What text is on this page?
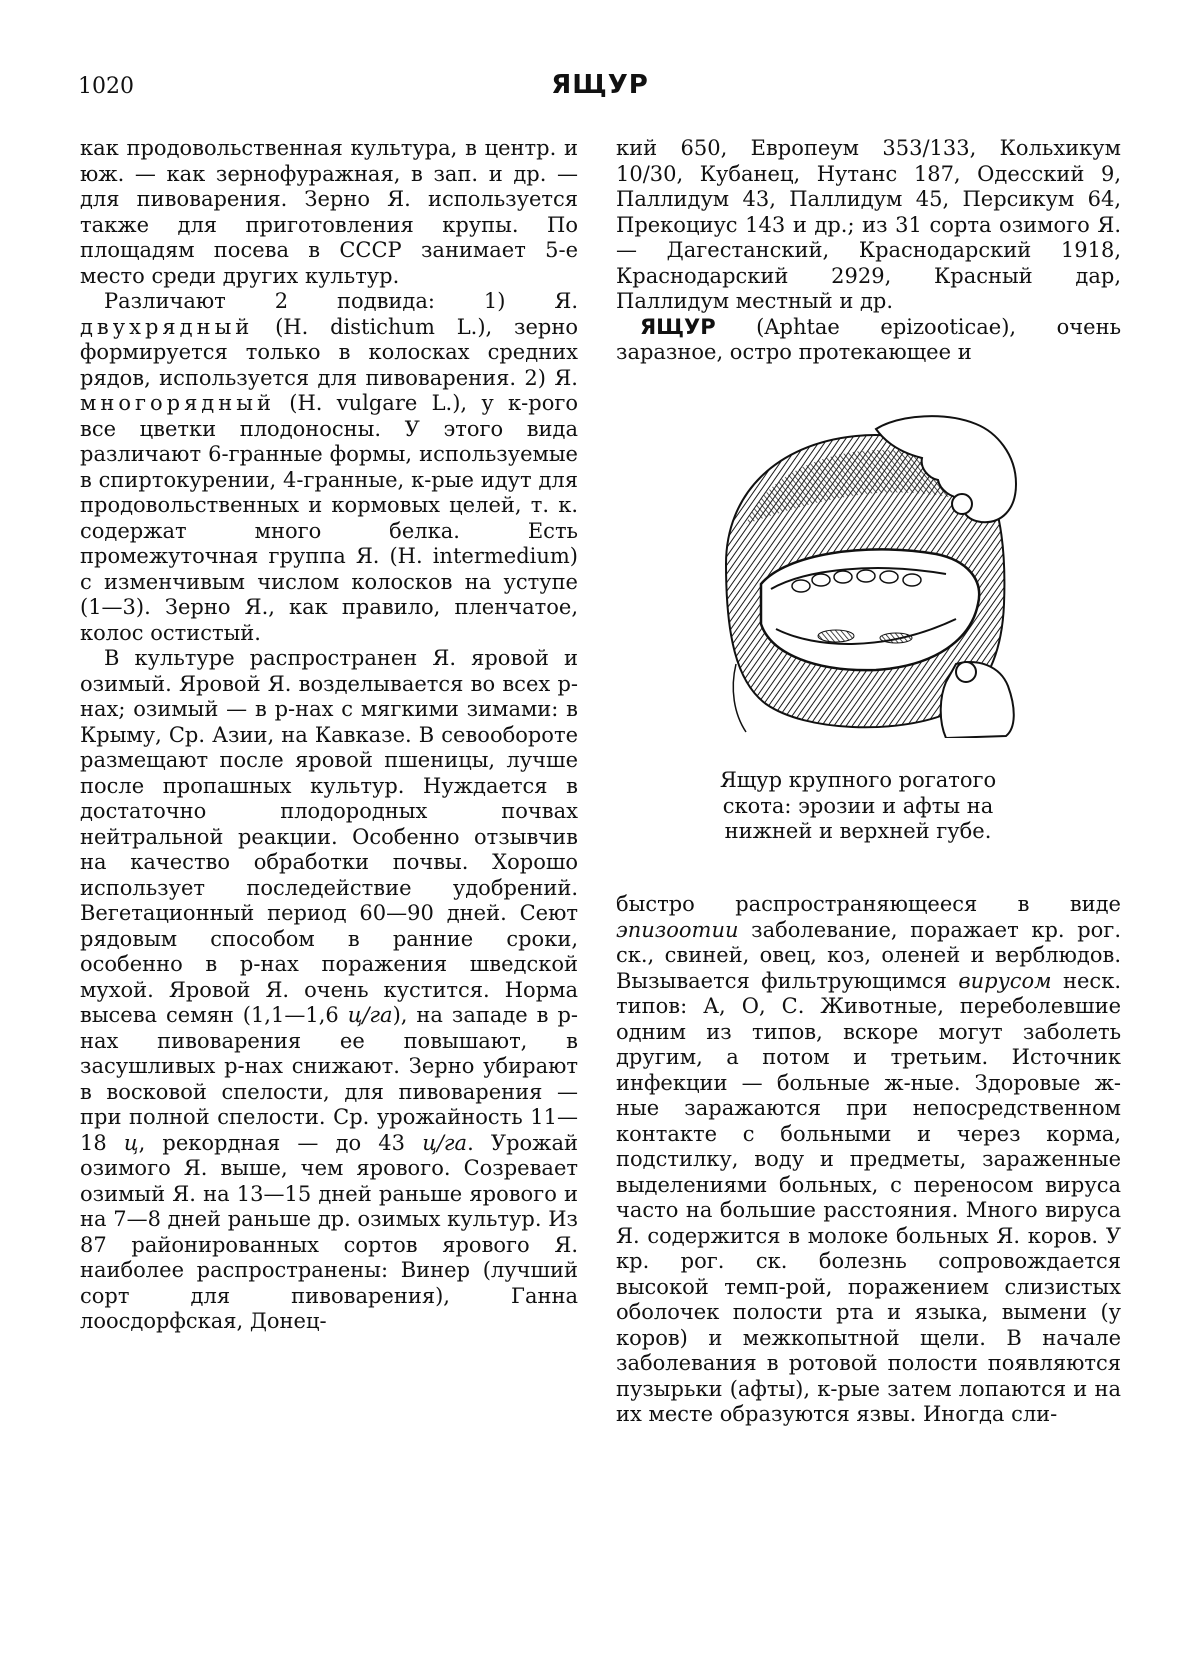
1020	ЯЩУР

как продовольственная культура, в центр. и юж. — как зернофуражная, в зап. и др. — для пивоварения. Зерно Я. используется также для приготовления крупы. По площадям посева в СССР занимает 5-е место среди других культур.

Различают 2 подвида: 1) Я. двухрядный (H. distichum L.), зерно формируется только в колосках средних рядов, используется для пивоварения. 2) Я. многорядный (H. vulgare L.), у к-рого все цветки плодоносны. У этого вида различают 6-гранные формы, используемые в спиртокурении, 4-гранные, к-рые идут для продовольственных и кормовых целей, т. к. содержат много белка. Есть промежуточная группа Я. (H. intermedium) с изменчивым числом колосков на уступе (1—3). Зерно Я., как правило, пленчатое, колос остистый.

В культуре распространен Я. яровой и озимый. Яровой Я. возделывается во всех р-нах; озимый — в р-нах с мягкими зимами: в Крыму, Ср. Азии, на Кавказе. В севообороте размещают после яровой пшеницы, лучше после пропашных культур. Нуждается в достаточно плодородных почвах нейтральной реакции. Особенно отзывчив на качество обработки почвы. Хорошо использует последействие удобрений. Вегетационный период 60—90 дней. Сеют рядовым способом в ранние сроки, особенно в р-нах поражения шведской мухой. Яровой Я. очень кустится. Норма высева семян (1,1—1,6 ц/га), на западе в р-нах пивоварения ее повышают, в засушливых р-нах снижают. Зерно убирают в восковой спелости, для пивоварения — при полной спелости. Ср. урожайность 11—18 ц, рекордная — до 43 ц/га. Урожай озимого Я. выше, чем ярового. Созревает озимый Я. на 13—15 дней раньше ярового и на 7—8 дней раньше др. озимых культур. Из 87 районированных сортов ярового Я. наиболее распространены: Винер (лучший сорт для пивоварения), Ганна лоосдорфская, Донец-

кий 650, Европеум 353/133, Кольхикум 10/30, Кубанец, Нутанс 187, Одесский 9, Паллидум 43, Паллидум 45, Персикум 64, Прекоциус 143 и др.; из 31 сорта озимого Я. — Дагестанский, Краснодарский 1918, Краснодарский 2929, Красный дар, Паллидум местный и др.

ЯЩУР (Aphtae epizooticae), очень заразное, остро протекающее и

Ящур крупного рогатого скота: эрозии и афты на нижней и верхней губе.

быстро распространяющееся в виде эпизоотии заболевание, поражает кр. рог. ск., свиней, овец, коз, оленей и верблюдов. Вызывается фильтрующимся вирусом неск. типов: А, О, С. Животные, переболевшие одним из типов, вскоре могут заболеть другим, а потом и третьим. Источник инфекции — больные ж-ные. Здоровые ж-ные заражаются при непосредственном контакте с больными и через корма, подстилку, воду и предметы, зараженные выделениями больных, с переносом вируса часто на большие расстояния. Много вируса Я. содержится в молоке больных Я. коров. У кр. рог. ск. болезнь сопровождается высокой темп-рой, поражением слизистых оболочек полости рта и языка, вымени (у коров) и межкопытной щели. В начале заболевания в ротовой полости появляются пузырьки (афты), к-рые затем лопаются и на их месте образуются язвы. Иногда сли-
